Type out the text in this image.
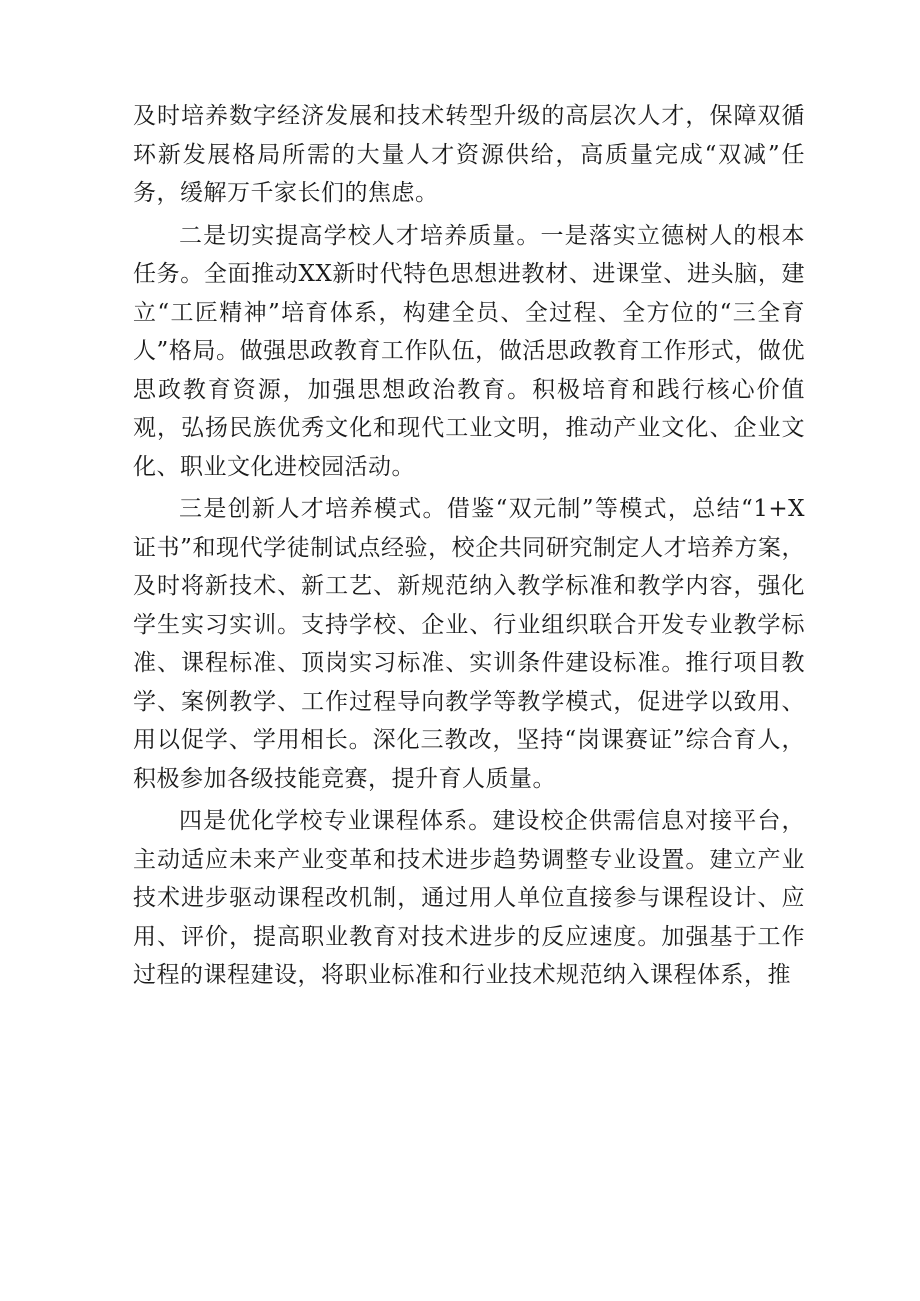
及时培养数字经济发展和技术转型升级的高层次人才，保障双循环新发展格局所需的大量人才资源供给，高质量完成“双减”任务，缓解万千家长们的焦虑。

二是切实提高学校人才培养质量。一是落实立德树人的根本任务。全面推动XX新时代特色思想进教材、进课堂、进头脑，建立“工匠精神”培育体系，构建全员、全过程、全方位的“三全育人”格局。做强思政教育工作队伍，做活思政教育工作形式，做优思政教育资源，加强思想政治教育。积极培育和践行核心价值观，弘扬民族优秀文化和现代工业文明，推动产业文化、企业文化、职业文化进校园活动。

三是创新人才培养模式。借鉴“双元制”等模式，总结“1+X证书”和现代学徒制试点经验，校企共同研究制定人才培养方案，及时将新技术、新工艺、新规范纳入教学标准和教学内容，强化学生实习实训。支持学校、企业、行业组织联合开发专业教学标准、课程标准、顶岗实习标准、实训条件建设标准。推行项目教学、案例教学、工作过程导向教学等教学模式，促进学以致用、用以促学、学用相长。深化三教改，坚持“岗课赛证”综合育人，积极参加各级技能竞赛，提升育人质量。

四是优化学校专业课程体系。建设校企供需信息对接平台，主动适应未来产业变革和技术进步趋势调整专业设置。建立产业技术进步驱动课程改机制，通过用人单位直接参与课程设计、应用、评价，提高职业教育对技术进步的反应速度。加强基于工作过程的课程建设，将职业标准和行业技术规范纳入课程体系，推
